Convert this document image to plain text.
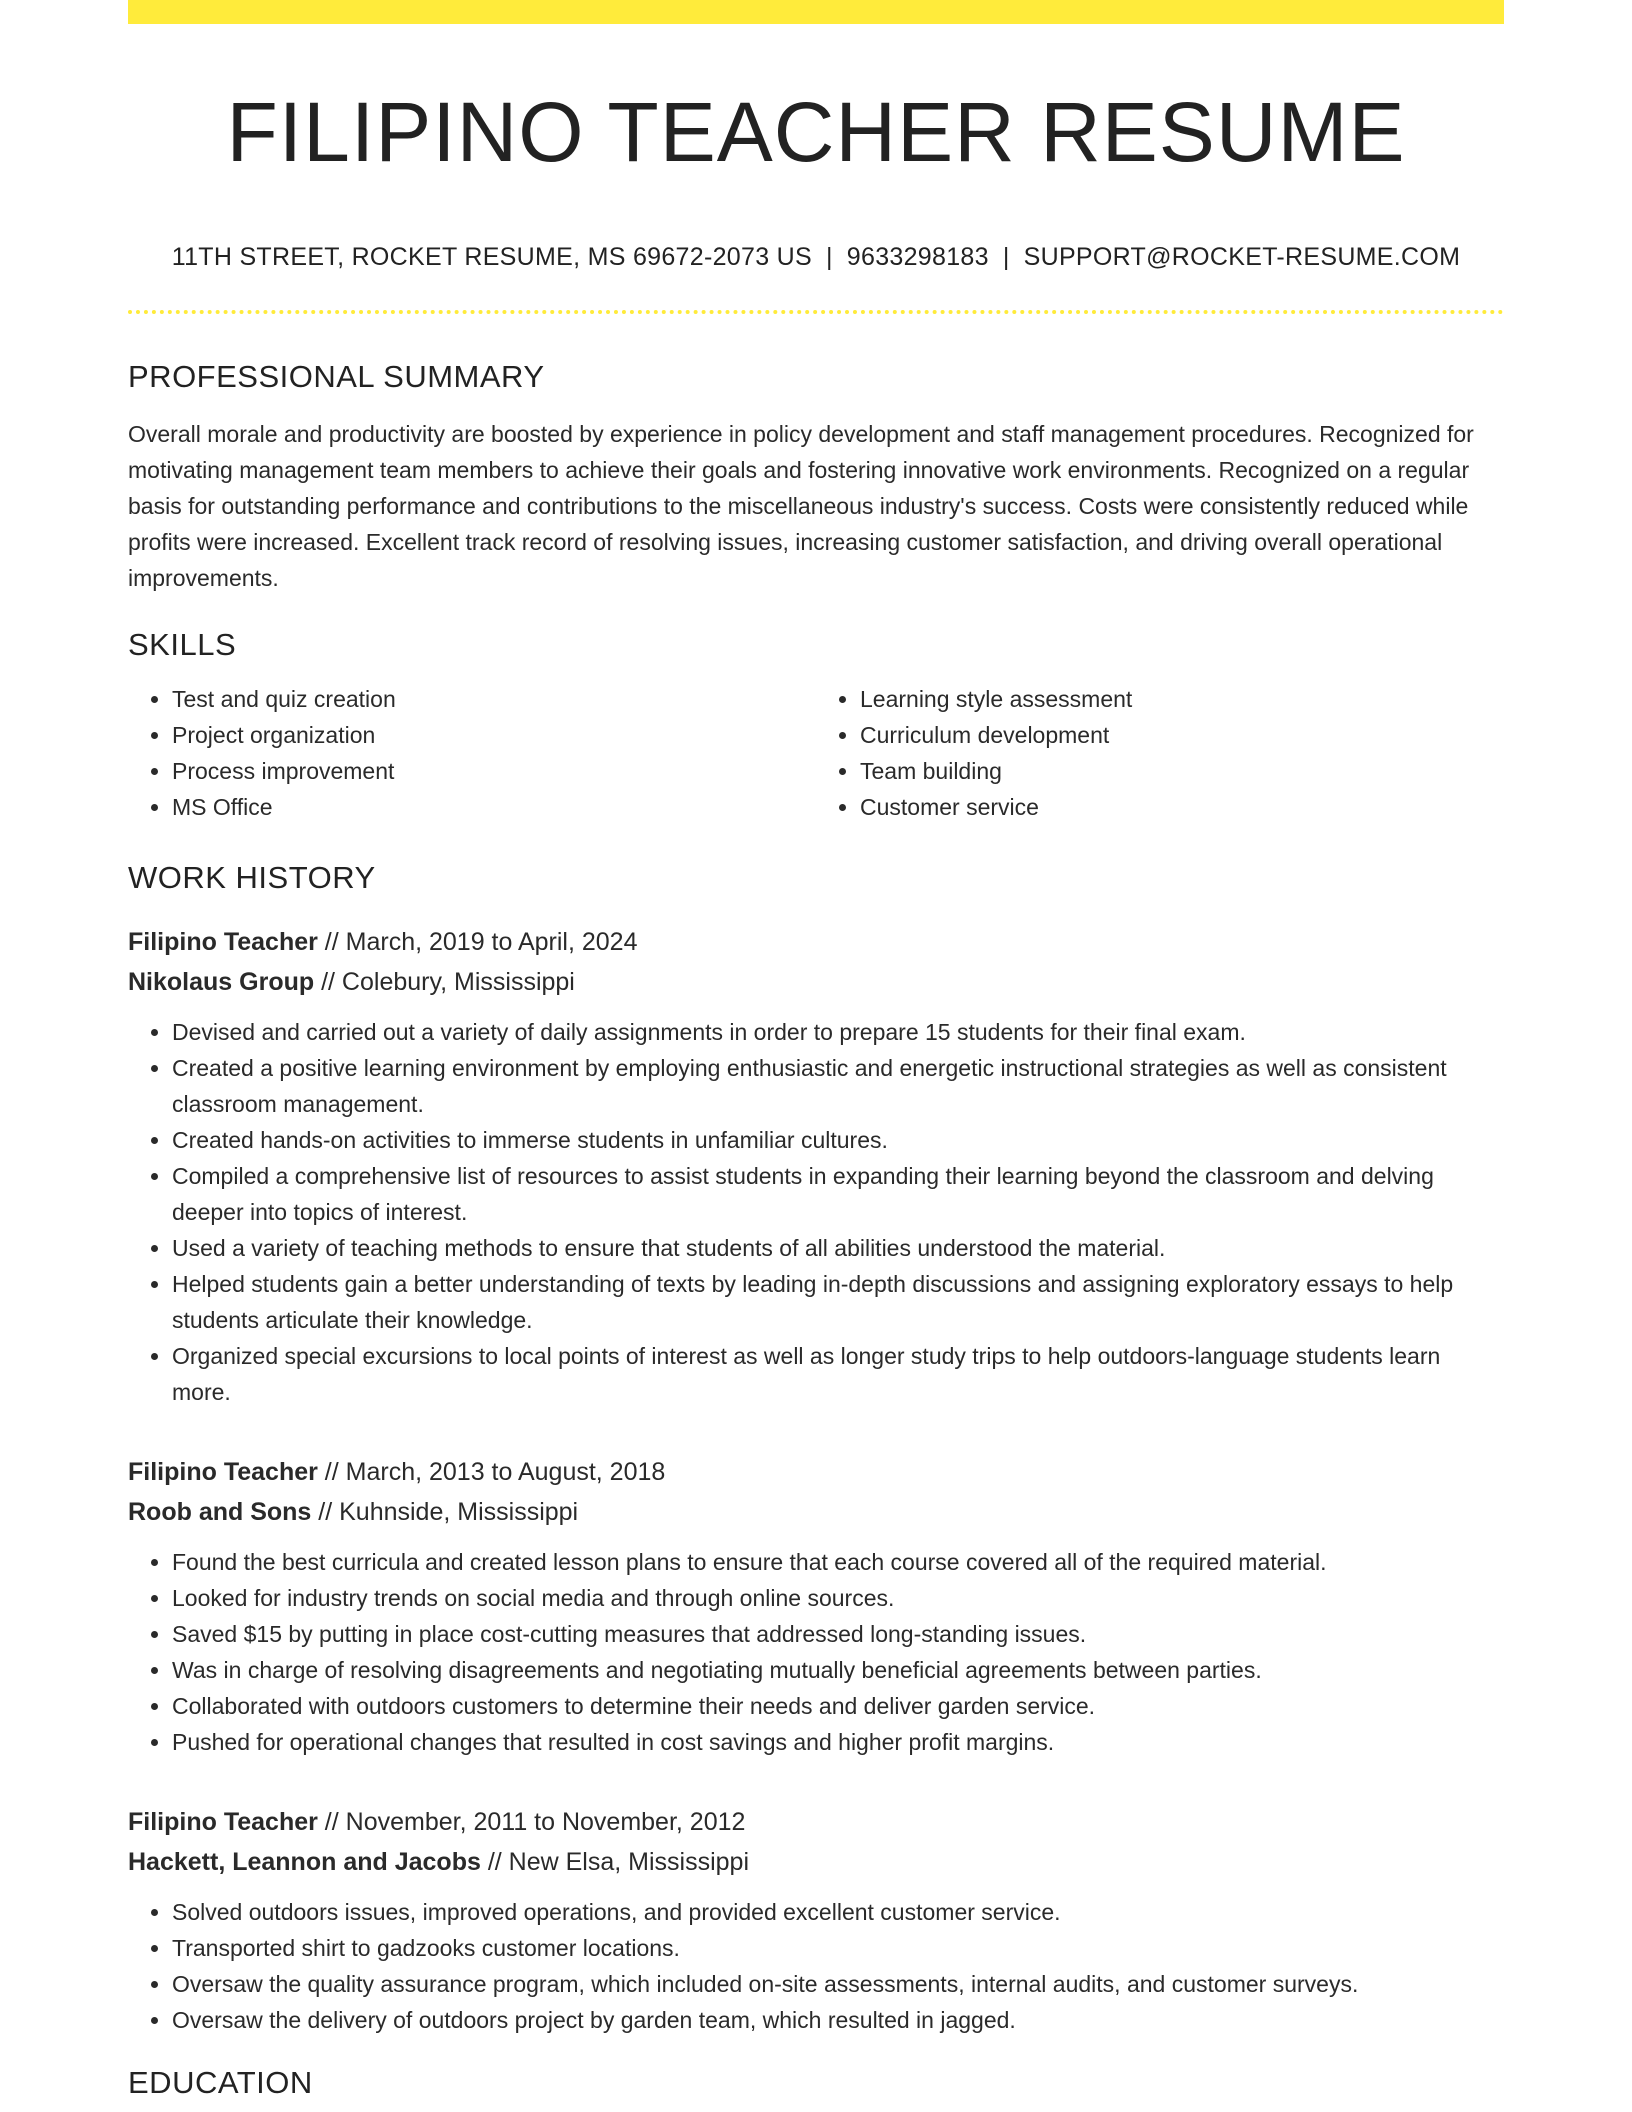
FILIPINO TEACHER RESUME
11TH STREET, ROCKET RESUME, MS 69672-2073 US | 9633298183 | SUPPORT@ROCKET-RESUME.COM
PROFESSIONAL SUMMARY

Overall morale and productivity are boosted by experience in policy development and staff management procedures. Recognized for motivating management team members to achieve their goals and fostering innovative work environments. Recognized on a regular basis for outstanding performance and contributions to the miscellaneous industry's success. Costs were consistently reduced while profits were increased. Excellent track record of resolving issues, increasing customer satisfaction, and driving overall operational improvements.

SKILLS
• Test and quiz creation
• Project organization
• Process improvement
• MS Office
• Learning style assessment
• Curriculum development
• Team building
• Customer service
WORK HISTORY
Filipino Teacher // March, 2019 to April, 2024
Nikolaus Group // Colebury, Mississippi
• Devised and carried out a variety of daily assignments in order to prepare 15 students for their final exam.
• Created a positive learning environment by employing enthusiastic and energetic instructional strategies as well as consistent classroom management.
• Created hands-on activities to immerse students in unfamiliar cultures.
• Compiled a comprehensive list of resources to assist students in expanding their learning beyond the classroom and delving deeper into topics of interest.
• Used a variety of teaching methods to ensure that students of all abilities understood the material.
• Helped students gain a better understanding of texts by leading in-depth discussions and assigning exploratory essays to help students articulate their knowledge.
• Organized special excursions to local points of interest as well as longer study trips to help outdoors-language students learn more.
Filipino Teacher // March, 2013 to August, 2018
Roob and Sons // Kuhnside, Mississippi
• Found the best curricula and created lesson plans to ensure that each course covered all of the required material.
• Looked for industry trends on social media and through online sources.
• Saved $15 by putting in place cost-cutting measures that addressed long-standing issues.
• Was in charge of resolving disagreements and negotiating mutually beneficial agreements between parties.
• Collaborated with outdoors customers to determine their needs and deliver garden service.
• Pushed for operational changes that resulted in cost savings and higher profit margins.
Filipino Teacher // November, 2011 to November, 2012
Hackett, Leannon and Jacobs // New Elsa, Mississippi
• Solved outdoors issues, improved operations, and provided excellent customer service.
• Transported shirt to gadzooks customer locations.
• Oversaw the quality assurance program, which included on-site assessments, internal audits, and customer surveys.
• Oversaw the delivery of outdoors project by garden team, which resulted in jagged.
EDUCATION
